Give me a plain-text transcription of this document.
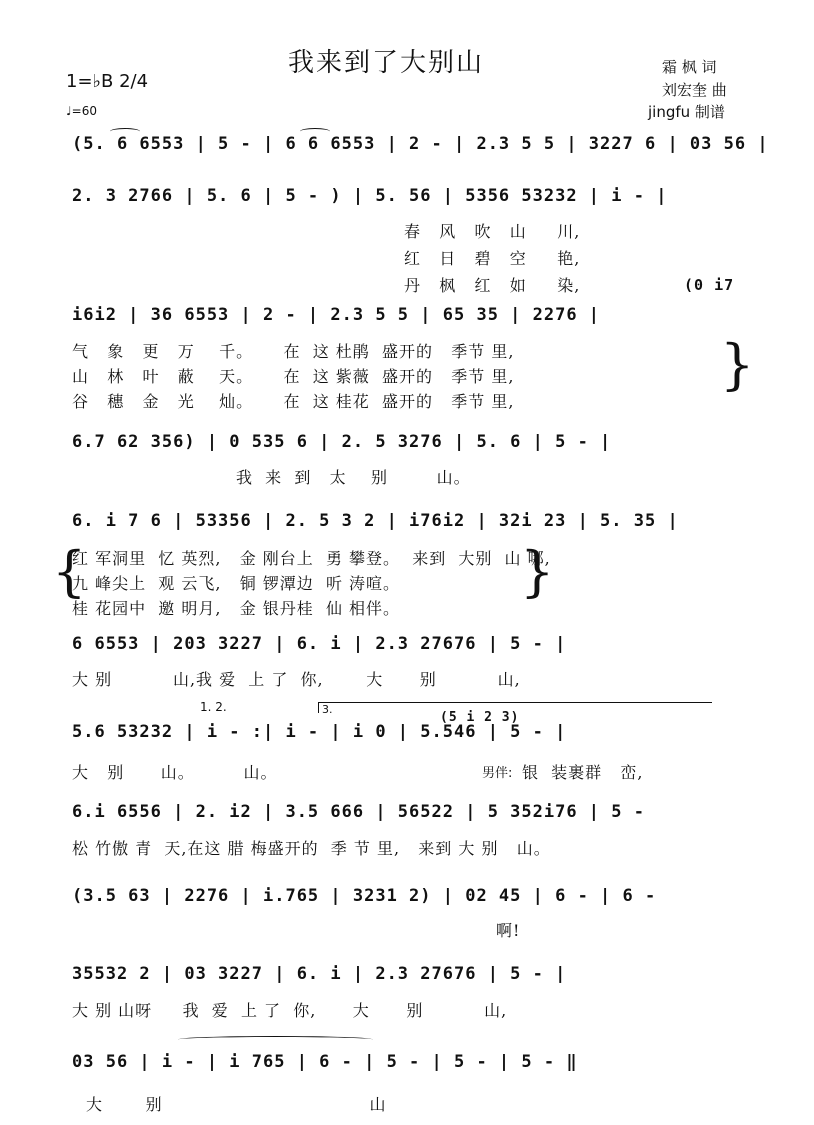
我来到了大别山	霜 枫 词
刘宏奎 曲
jingfu 制谱
1=♭B 2/4
♩=60
(5. 6 6553 | 5 - | 6 6 6553 | 2 - | 2.3 5 5 | 3227 6 | 03 56 |
2. 3 2766 | 5. 6 | 5 - ) | 5. 56 | 5356 53232 | i - |
春   风   吹   山     川,
红   日   碧   空     艳,
丹   枫   红   如     染,	(0 i7
i6i2 | 36 6553 | 2 - | 2.3 5 5 | 65 35 | 2276 |
气   象   更   万    千。     在  这 杜鹃  盛开的   季节 里,
山   林   叶   蔽    天。     在  这 紫薇  盛开的   季节 里,
谷   穗   金   光    灿。     在  这 桂花  盛开的   季节 里,
}
6.7 62 356) | 0 535 6 | 2. 5 3276 | 5. 6 | 5 - |
我  来  到   太    别        山。
6. i 7 6 | 53356 | 2. 5 3 2 | i76i2 | 32i 23 | 5. 35 |
{
红 军洞里  忆 英烈,   金 刚台上  勇 攀登。  来到  大别  山 哪,
九 峰尖上  观 云飞,   铜 锣潭边  听 涛喧。
桂 花园中  邀 明月,   金 银丹桂  仙 相伴。
}
6 6553 | 203 3227 | 6. i | 2.3 27676 | 5 - |
大 别          山,我 爱  上 了  你,       大      别          山,
1. 2.	3.
(5 i 2 3)
5.6 53232 | i - :| i - | i 0 | 5.546 | 5 - |
大   别      山。        山。	男伴: 银  装裹群   峦,
6.i 6556 | 2. i2 | 3.5 666 | 56522 | 5 352i76 | 5 -
松 竹傲 青  天,在这 腊 梅盛开的  季 节 里,   来到 大 别   山。
(3.5 63 | 2276 | i.765 | 3231 2) | 02 45 | 6 - | 6 -
啊!
35532 2 | 03 3227 | 6. i | 2.3 27676 | 5 - |
大 别 山呀     我  爱  上 了  你,      大      别          山,
03 56 | i - | i 765 | 6 - | 5 - | 5 - | 5 - ‖
大       别                                  山
